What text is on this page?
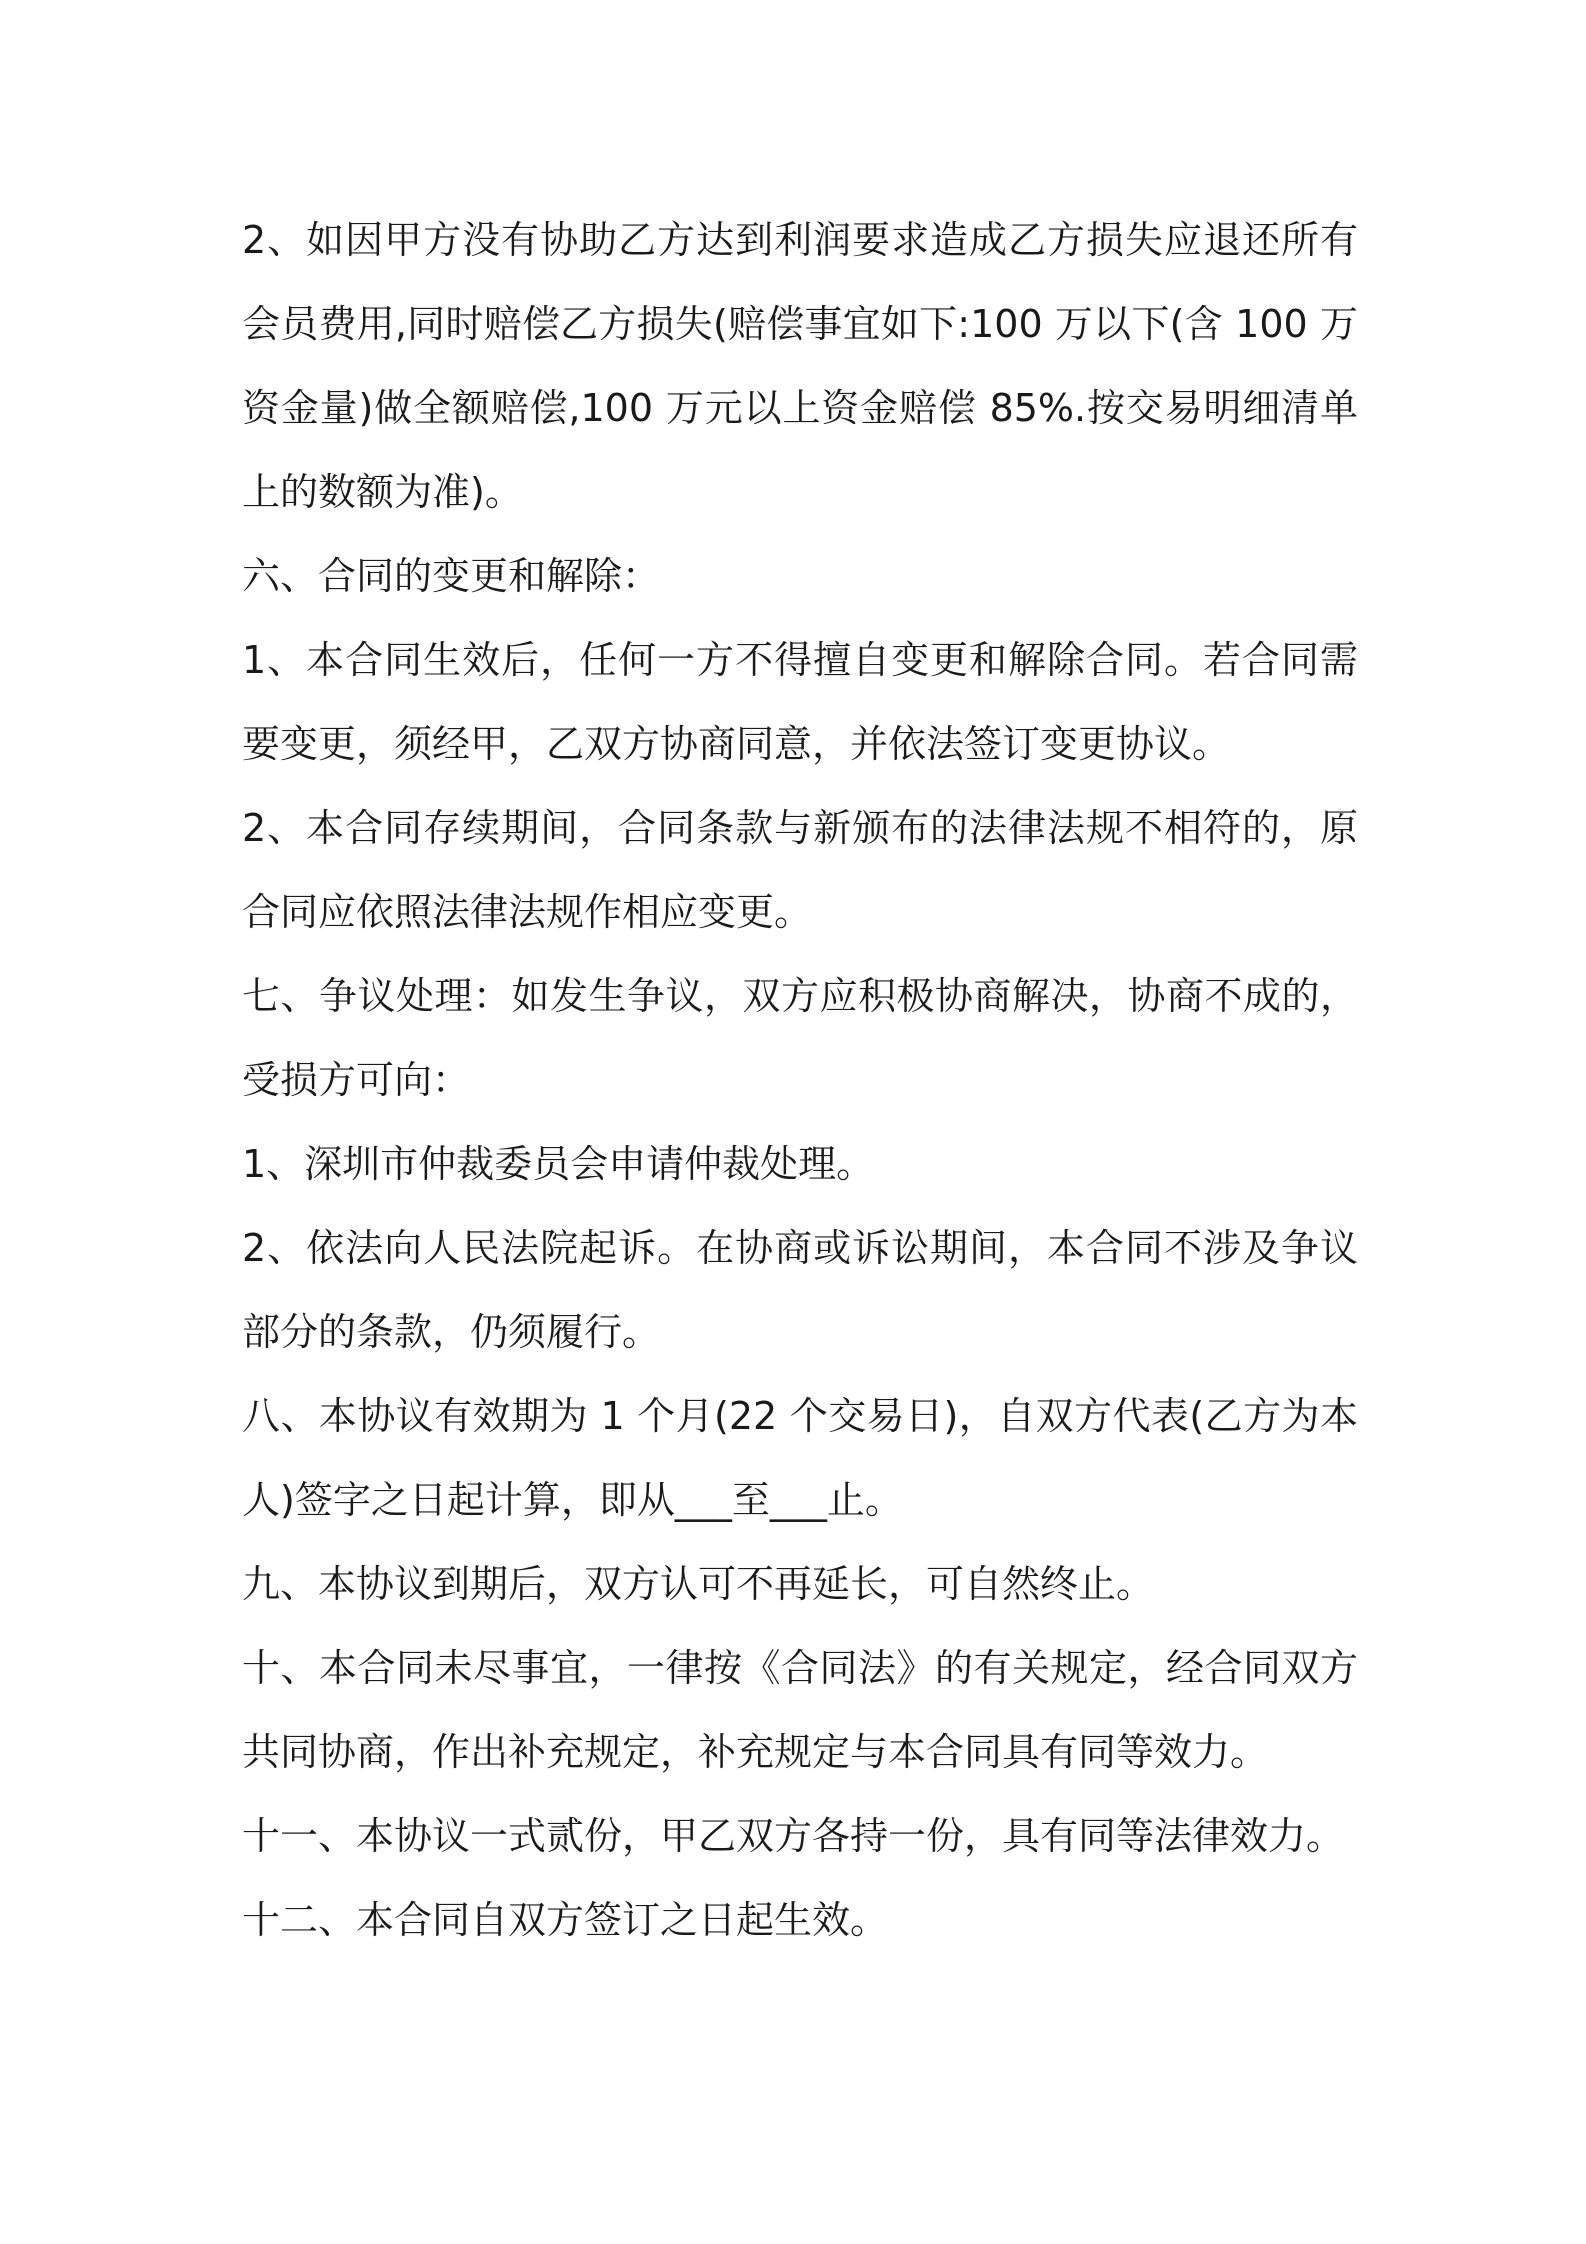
2、如因甲方没有协助乙方达到利润要求造成乙方损失应退还所有会员费用,同时赔偿乙方损失(赔偿事宜如下:100 万以下(含 100 万资金量)做全额赔偿,100 万元以上资金赔偿 85%.按交易明细清单上的数额为准)。

六、合同的变更和解除：

1、本合同生效后，任何一方不得擅自变更和解除合同。若合同需要变更，须经甲，乙双方协商同意，并依法签订变更协议。

2、本合同存续期间，合同条款与新颁布的法律法规不相符的，原合同应依照法律法规作相应变更。

七、争议处理：如发生争议，双方应积极协商解决，协商不成的，受损方可向：

1、深圳市仲裁委员会申请仲裁处理。

2、依法向人民法院起诉。在协商或诉讼期间，本合同不涉及争议部分的条款，仍须履行。

八、本协议有效期为 1 个月(22 个交易日)，自双方代表(乙方为本人)签字之日起计算，即从___至___止。

九、本协议到期后，双方认可不再延长，可自然终止。

十、本合同未尽事宜，一律按《合同法》的有关规定，经合同双方共同协商，作出补充规定，补充规定与本合同具有同等效力。

十一、本协议一式贰份，甲乙双方各持一份，具有同等法律效力。

十二、本合同自双方签订之日起生效。
